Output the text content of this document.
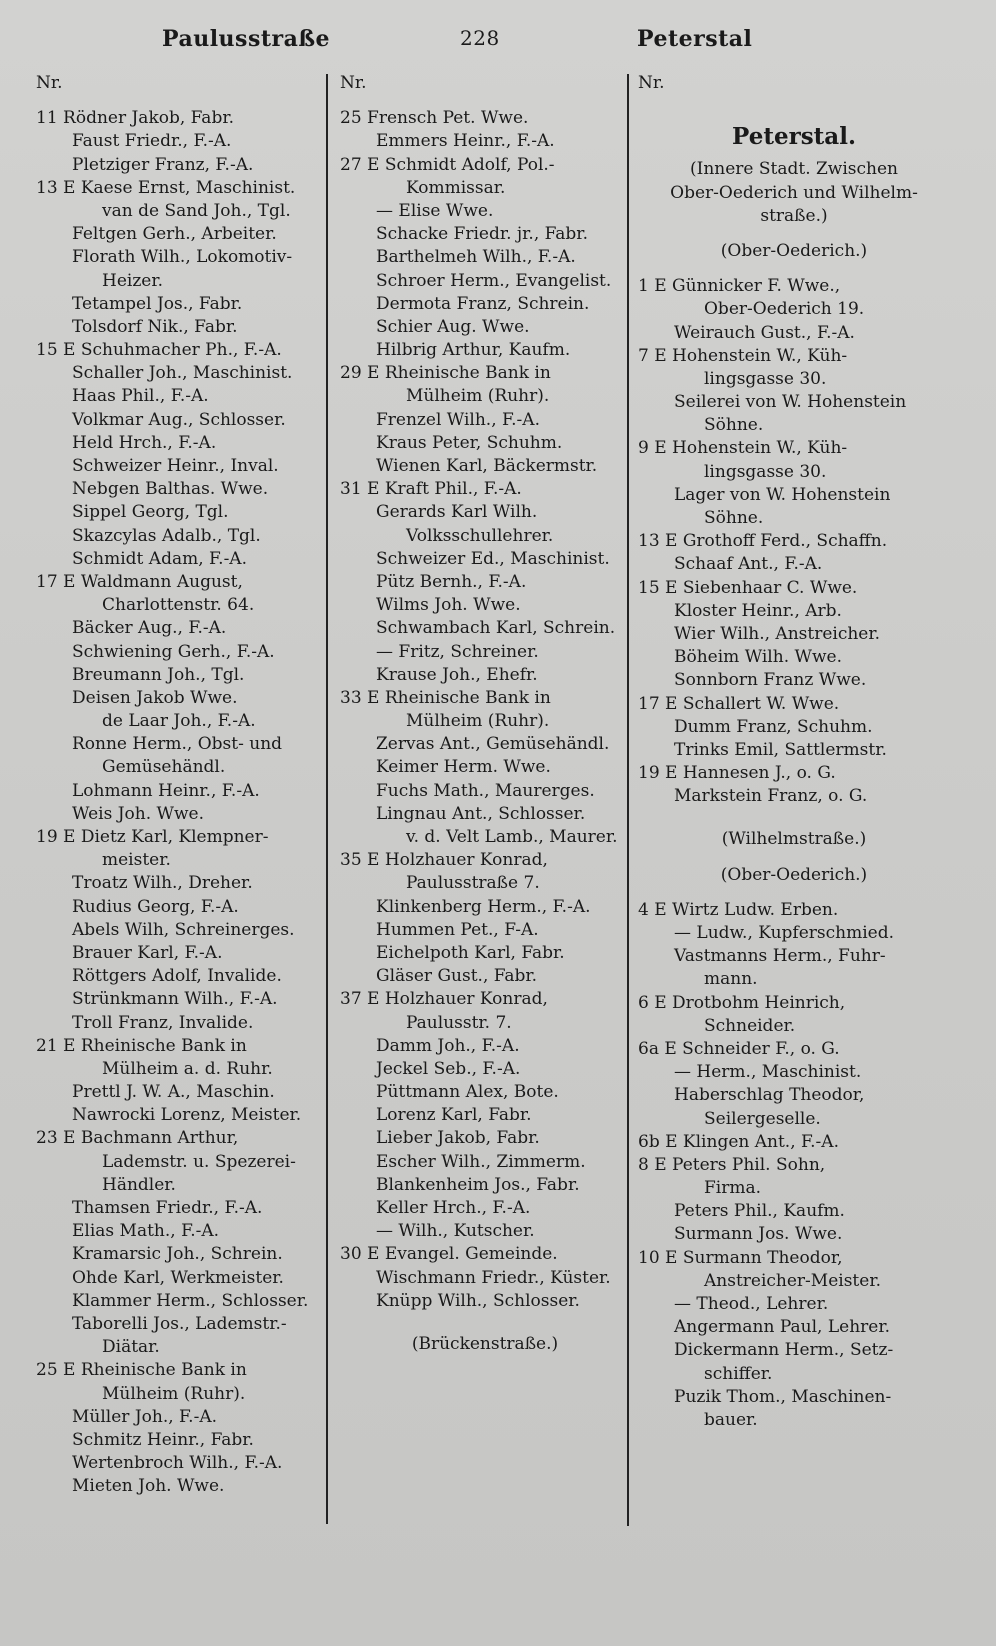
Paulusstraße	228	Peterstal
Nr.
11 Rödner Jakob, Fabr.
Faust Friedr., F.-A.
Pletziger Franz, F.-A.
13 E Kaese Ernst, Maschinist.
van de Sand Joh., Tgl.
Feltgen Gerh., Arbeiter.
Florath Wilh., Lokomotiv-
Heizer.
Tetampel Jos., Fabr.
Tolsdorf Nik., Fabr.
15 E Schuhmacher Ph., F.-A.
Schaller Joh., Maschinist.
Haas Phil., F.-A.
Volkmar Aug., Schlosser.
Held Hrch., F.-A.
Schweizer Heinr., Inval.
Nebgen Balthas. Wwe.
Sippel Georg, Tgl.
Skazcylas Adalb., Tgl.
Schmidt Adam, F.-A.
17 E Waldmann August,
Charlottenstr. 64.
Bäcker Aug., F.-A.
Schwiening Gerh., F.-A.
Breumann Joh., Tgl.
Deisen Jakob Wwe.
de Laar Joh., F.-A.
Ronne Herm., Obst- und
Gemüsehändl.
Lohmann Heinr., F.-A.
Weis Joh. Wwe.
19 E Dietz Karl, Klempner-
meister.
Troatz Wilh., Dreher.
Rudius Georg, F.-A.
Abels Wilh, Schreinerges.
Brauer Karl, F.-A.
Röttgers Adolf, Invalide.
Strünkmann Wilh., F.-A.
Troll Franz, Invalide.
21 E Rheinische Bank in
Mülheim a. d. Ruhr.
Prettl J. W. A., Maschin.
Nawrocki Lorenz, Meister.
23 E Bachmann Arthur,
Lademstr. u. Spezerei-
Händler.
Thamsen Friedr., F.-A.
Elias Math., F.-A.
Kramarsic Joh., Schrein.
Ohde Karl, Werkmeister.
Klammer Herm., Schlosser.
Taborelli Jos., Lademstr.-
Diätar.
25 E Rheinische Bank in
Mülheim (Ruhr).
Müller Joh., F.-A.
Schmitz Heinr., Fabr.
Wertenbroch Wilh., F.-A.
Mieten Joh. Wwe.
Nr.
25 Frensch Pet. Wwe.
Emmers Heinr., F.-A.
27 E Schmidt Adolf, Pol.-
Kommissar.
— Elise Wwe.
Schacke Friedr. jr., Fabr.
Barthelmeh Wilh., F.-A.
Schroer Herm., Evangelist.
Dermota Franz, Schrein.
Schier Aug. Wwe.
Hilbrig Arthur, Kaufm.
29 E Rheinische Bank in
Mülheim (Ruhr).
Frenzel Wilh., F.-A.
Kraus Peter, Schuhm.
Wienen Karl, Bäckermstr.
31 E Kraft Phil., F.-A.
Gerards Karl Wilh.
Volksschullehrer.
Schweizer Ed., Maschinist.
Pütz Bernh., F.-A.
Wilms Joh. Wwe.
Schwambach Karl, Schrein.
— Fritz, Schreiner.
Krause Joh., Ehefr.
33 E Rheinische Bank in
Mülheim (Ruhr).
Zervas Ant., Gemüsehändl.
Keimer Herm. Wwe.
Fuchs Math., Maurerges.
Lingnau Ant., Schlosser.
v. d. Velt Lamb., Maurer.
35 E Holzhauer Konrad,
Paulusstraße 7.
Klinkenberg Herm., F.-A.
Hummen Pet., F-A.
Eichelpoth Karl, Fabr.
Gläser Gust., Fabr.
37 E Holzhauer Konrad,
Paulusstr. 7.
Damm Joh., F.-A.
Jeckel Seb., F.-A.
Püttmann Alex, Bote.
Lorenz Karl, Fabr.
Lieber Jakob, Fabr.
Escher Wilh., Zimmerm.
Blankenheim Jos., Fabr.
Keller Hrch., F.-A.
— Wilh., Kutscher.
30 E Evangel. Gemeinde.
Wischmann Friedr., Küster.
Knüpp Wilh., Schlosser.
(Brückenstraße.)
Nr.
Peterstal.
(Innere Stadt. Zwischen
Ober-Oederich und Wilhelm-
straße.)
(Ober-Oederich.)
1 E Günnicker F. Wwe.,
Ober-Oederich 19.
Weirauch Gust., F.-A.
7 E Hohenstein W., Küh-
lingsgasse 30.
Seilerei von W. Hohenstein
Söhne.
9 E Hohenstein W., Küh-
lingsgasse 30.
Lager von W. Hohenstein
Söhne.
13 E Grothoff Ferd., Schaffn.
Schaaf Ant., F.-A.
15 E Siebenhaar C. Wwe.
Kloster Heinr., Arb.
Wier Wilh., Anstreicher.
Böheim Wilh. Wwe.
Sonnborn Franz Wwe.
17 E Schallert W. Wwe.
Dumm Franz, Schuhm.
Trinks Emil, Sattlermstr.
19 E Hannesen J., o. G.
Markstein Franz, o. G.
(Wilhelmstraße.)
(Ober-Oederich.)
4 E Wirtz Ludw. Erben.
— Ludw., Kupferschmied.
Vastmanns Herm., Fuhr-
mann.
6 E Drotbohm Heinrich,
Schneider.
6a E Schneider F., o. G.
— Herm., Maschinist.
Haberschlag Theodor,
Seilergeselle.
6b E Klingen Ant., F.-A.
8 E Peters Phil. Sohn,
Firma.
Peters Phil., Kaufm.
Surmann Jos. Wwe.
10 E Surmann Theodor,
Anstreicher-Meister.
— Theod., Lehrer.
Angermann Paul, Lehrer.
Dickermann Herm., Setz-
schiffer.
Puzik Thom., Maschinen-
bauer.
